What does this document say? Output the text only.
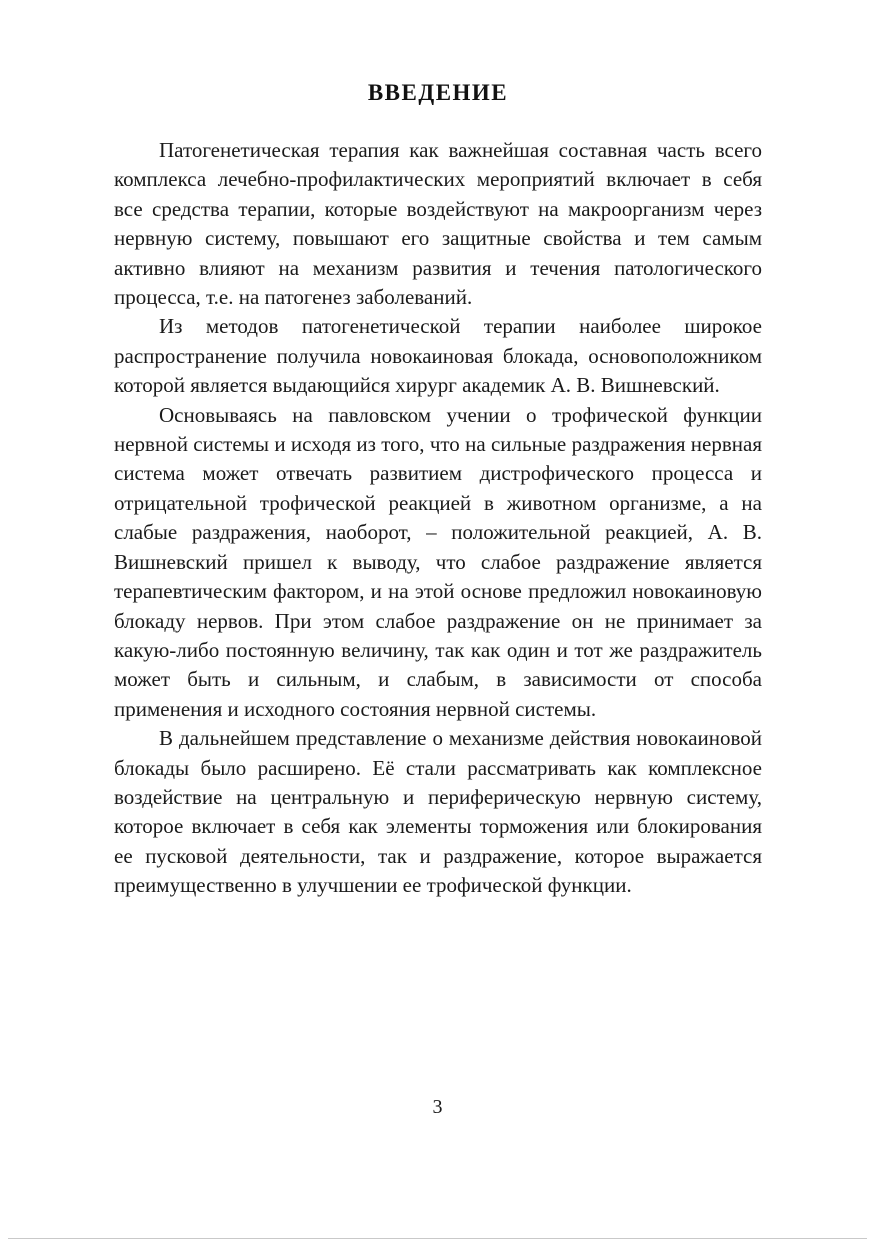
ВВЕДЕНИЕ

Патогенетическая терапия как важнейшая составная часть всего комплекса лечебно-профилактических мероприятий включает в себя все средства терапии, которые воздействуют на макроорганизм через нервную систему, повышают его защитные свойства и тем самым активно влияют на механизм развития и течения патологического процесса, т.е. на патогенез заболеваний.

Из методов патогенетической терапии наиболее широкое распространение получила новокаиновая блокада, основоположником которой является выдающийся хирург академик А. В. Вишневский.

Основываясь на павловском учении о трофической функции нервной системы и исходя из того, что на сильные раздражения нервная система может отвечать развитием дистрофического процесса и отрицательной трофической реакцией в животном организме, а на слабые раздражения, наоборот, – положительной реакцией, А. В. Вишневский пришел к выводу, что слабое раздражение является терапевтическим фактором, и на этой основе предложил новокаиновую блокаду нервов. При этом слабое раздражение он не принимает за какую-либо постоянную величину, так как один и тот же раздражитель может быть и сильным, и слабым, в зависимости от способа применения и исходного состояния нервной системы.

В дальнейшем представление о механизме действия новокаиновой блокады было расширено. Её стали рассматривать как комплексное воздействие на центральную и периферическую нервную систему, которое включает в себя как элементы торможения или блокирования ее пусковой деятельности, так и раздражение, которое выражается преимущественно в улучшении ее трофической функции.

3
